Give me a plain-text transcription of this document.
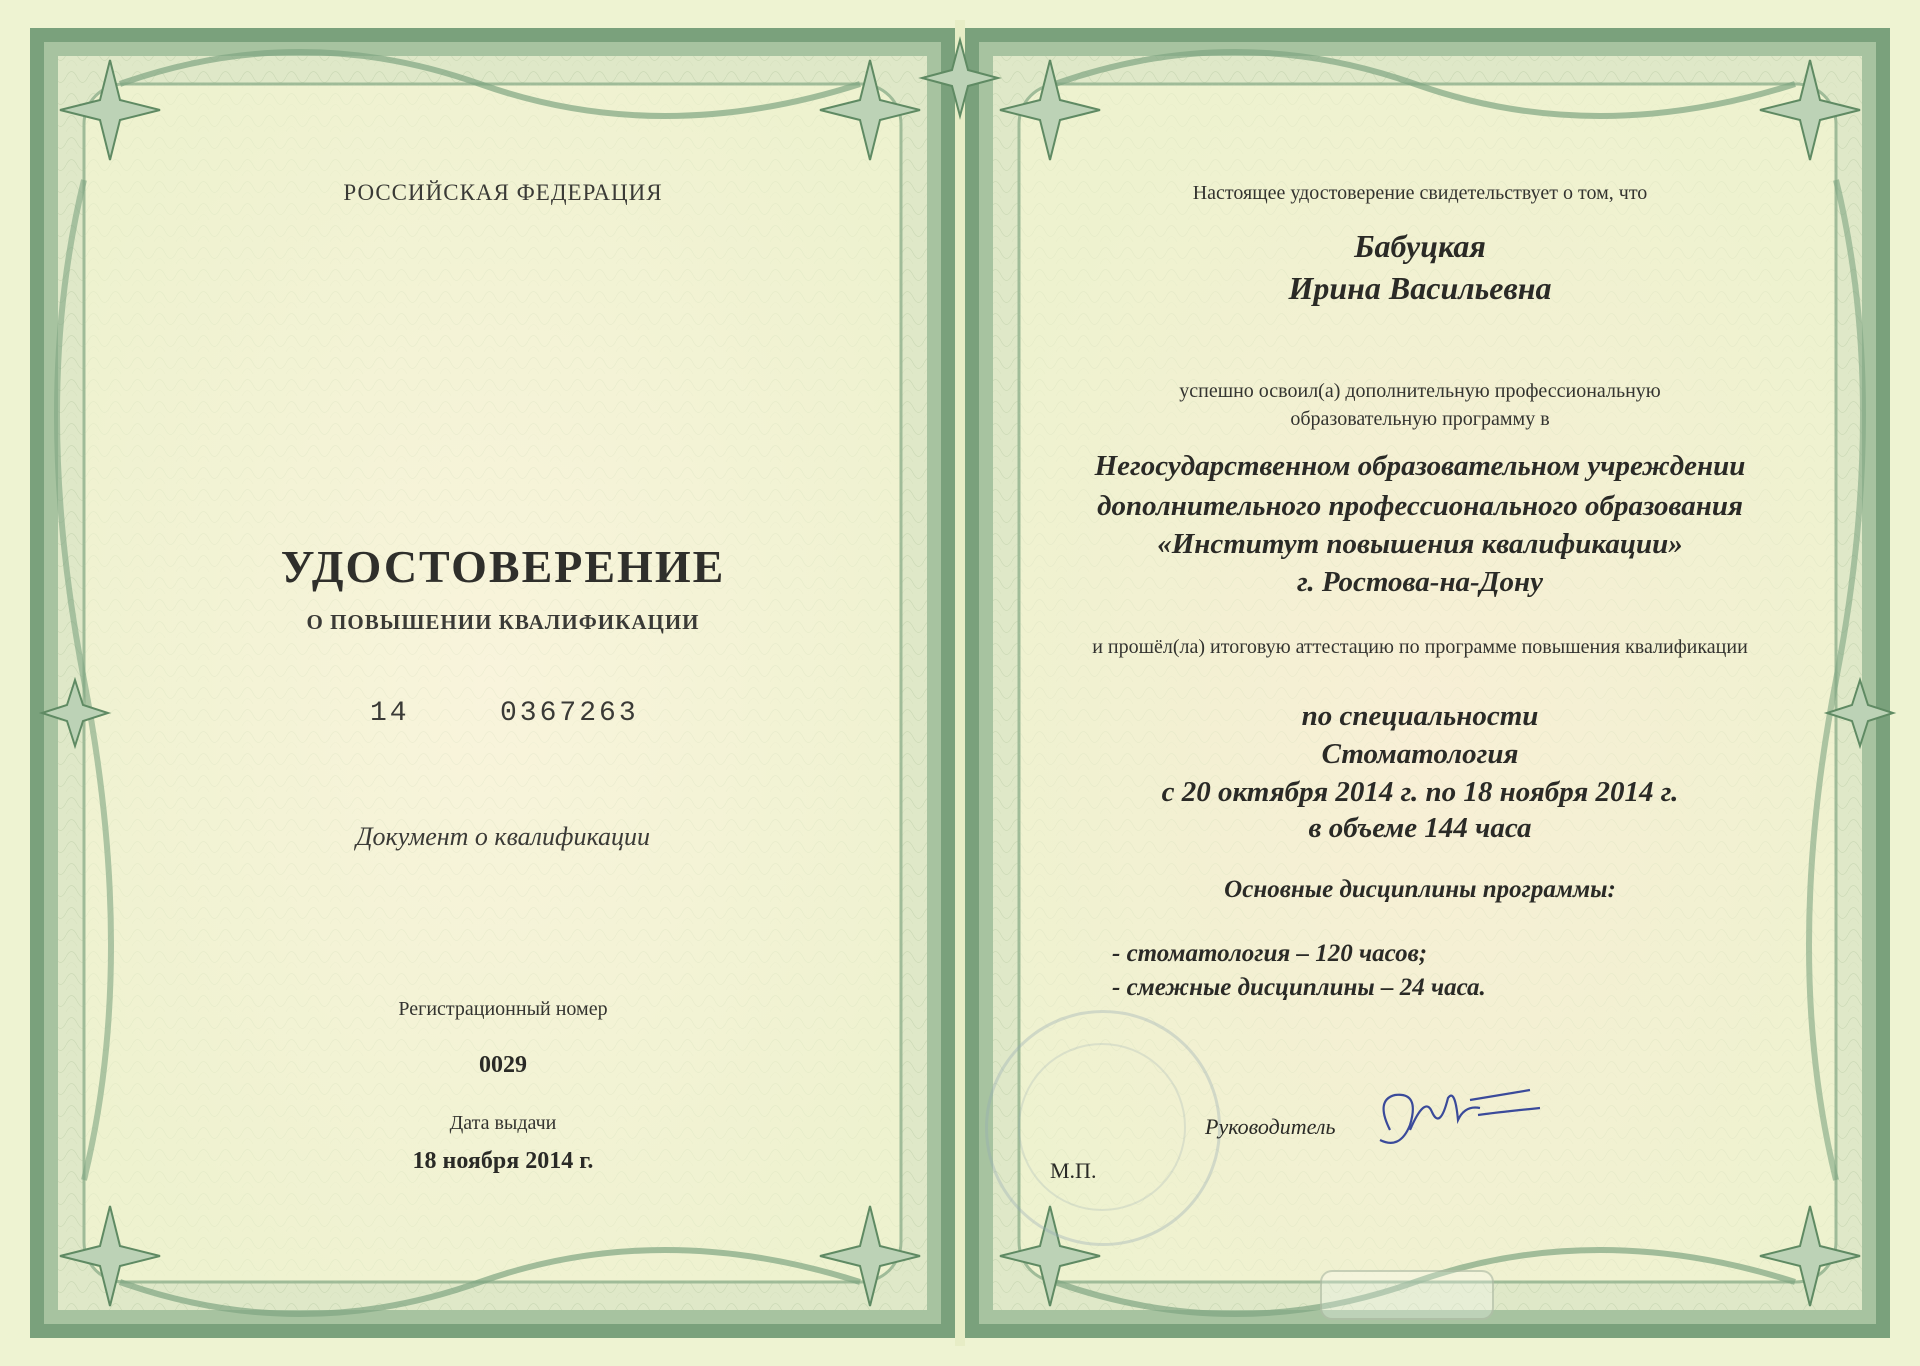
РОССИЙСКАЯ ФЕДЕРАЦИЯ
УДОСТОВЕРЕНИЕ
О ПОВЫШЕНИИ КВАЛИФИКАЦИИ
14	0367263
Документ о квалификации
Регистрационный номер
0029
Дата выдачи
18 ноября 2014 г.
Настоящее удостоверение свидетельствует о том, что
Бабуцкая
Ирина Васильевна
успешно освоил(а) дополнительную профессиональную
образовательную программу в
Негосударственном образовательном учреждении
дополнительного профессионального образования
«Институт повышения квалификации»
г. Ростова-на-Дону
и прошёл(ла) итоговую аттестацию по программе повышения квалификации
по специальности
Стоматология
с 20 октября 2014 г. по 18 ноября 2014 г.
в объеме 144 часа
Основные дисциплины программы:
- стоматология – 120 часов;
- смежные дисциплины – 24 часа.
Руководитель
М.П.
